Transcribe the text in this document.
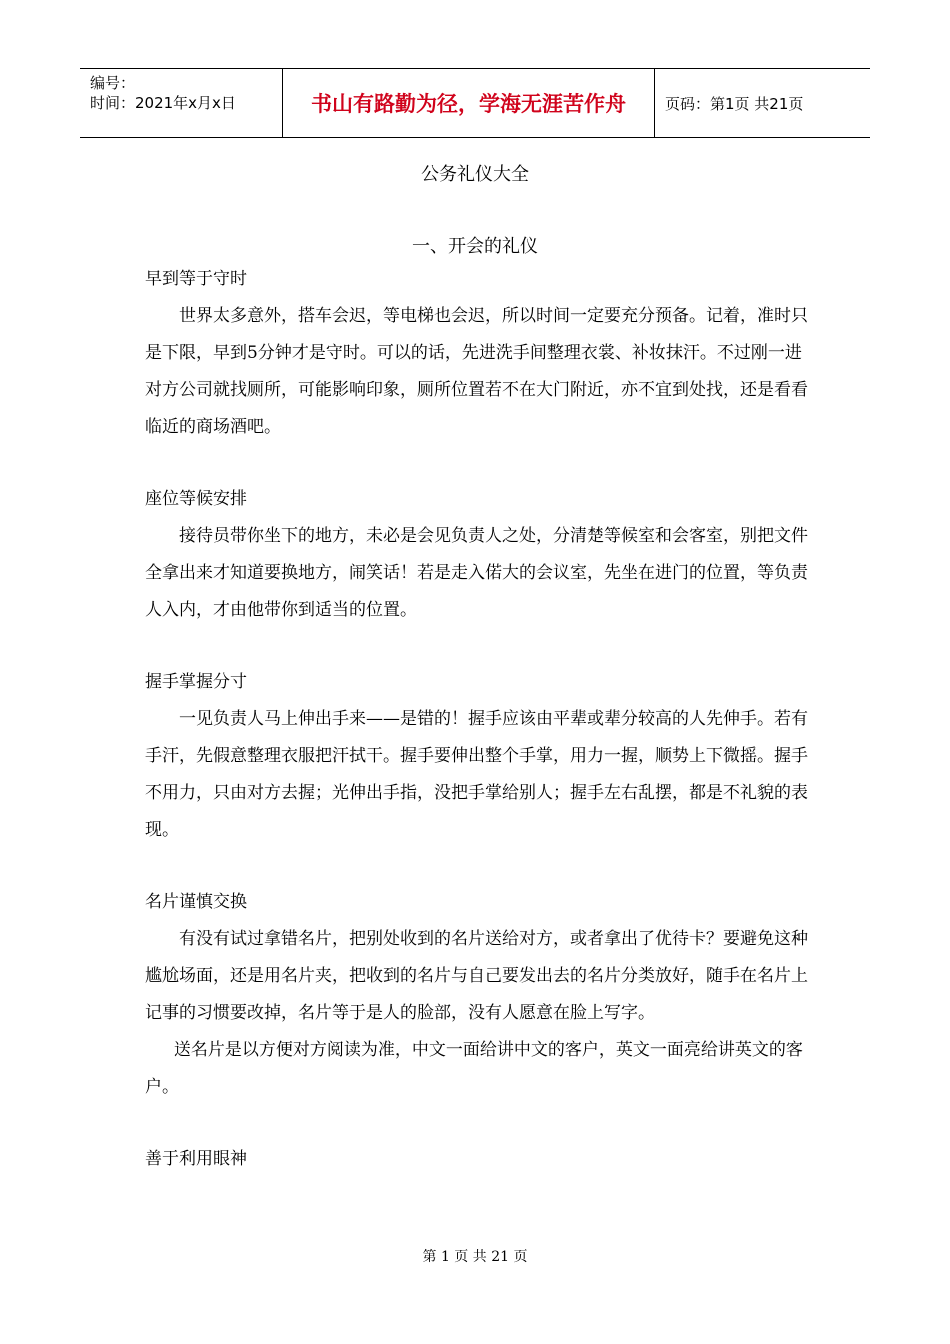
编号：
时间：2021年x月x日	书山有路勤为径，学海无涯苦作舟	页码：第1页 共21页
公务礼仪大全
一、开会的礼仪

早到等于守时

世界太多意外，搭车会迟，等电梯也会迟，所以时间一定要充分预备。记着，准时只是下限，早到5分钟才是守时。可以的话，先进洗手间整理衣裳、补妆抹汗。不过刚一进对方公司就找厕所，可能影响印象，厕所位置若不在大门附近，亦不宜到处找，还是看看临近的商场酒吧。

座位等候安排

接待员带你坐下的地方，未必是会见负责人之处，分清楚等候室和会客室，别把文件全拿出来才知道要换地方，闹笑话！若是走入偌大的会议室，先坐在进门的位置，等负责人入内，才由他带你到适当的位置。

握手掌握分寸

一见负责人马上伸出手来——是错的！握手应该由平辈或辈分较高的人先伸手。若有手汗，先假意整理衣服把汗拭干。握手要伸出整个手掌，用力一握，顺势上下微摇。握手不用力，只由对方去握；光伸出手指，没把手掌给别人；握手左右乱摆，都是不礼貌的表现。

名片谨慎交换

有没有试过拿错名片，把别处收到的名片送给对方，或者拿出了优待卡？要避免这种尴尬场面，还是用名片夹，把收到的名片与自己要发出去的名片分类放好，随手在名片上记事的习惯要改掉，名片等于是人的脸部，没有人愿意在脸上写字。

送名片是以方便对方阅读为准，中文一面给讲中文的客户，英文一面亮给讲英文的客户。

善于利用眼神

第 1 页 共 21 页
